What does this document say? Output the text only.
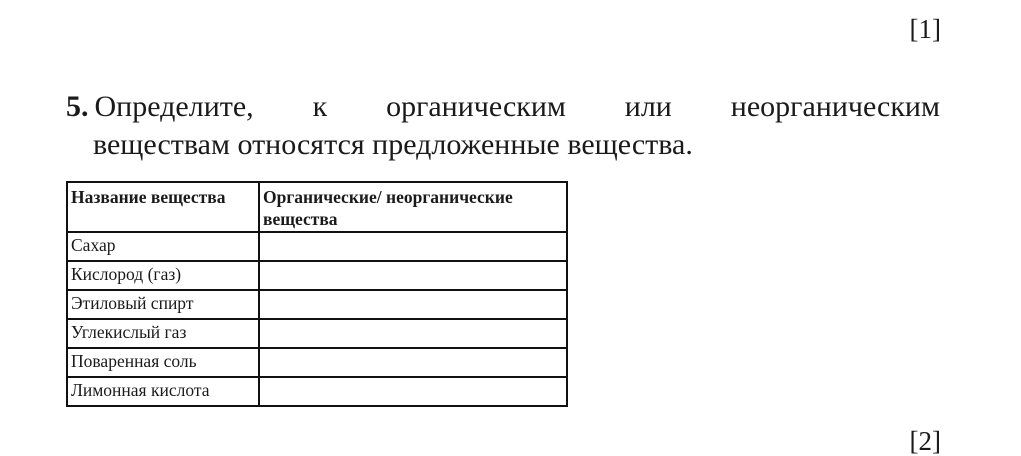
[1]
5. Определите, к органическим или неорганическим
веществам относятся предложенные вещества.
Название вещества	Органические/ неорганические вещества
Сахар	
Кислород (газ)	
Этиловый спирт	
Углекислый газ	
Поваренная соль	
Лимонная кислота	
[2]
